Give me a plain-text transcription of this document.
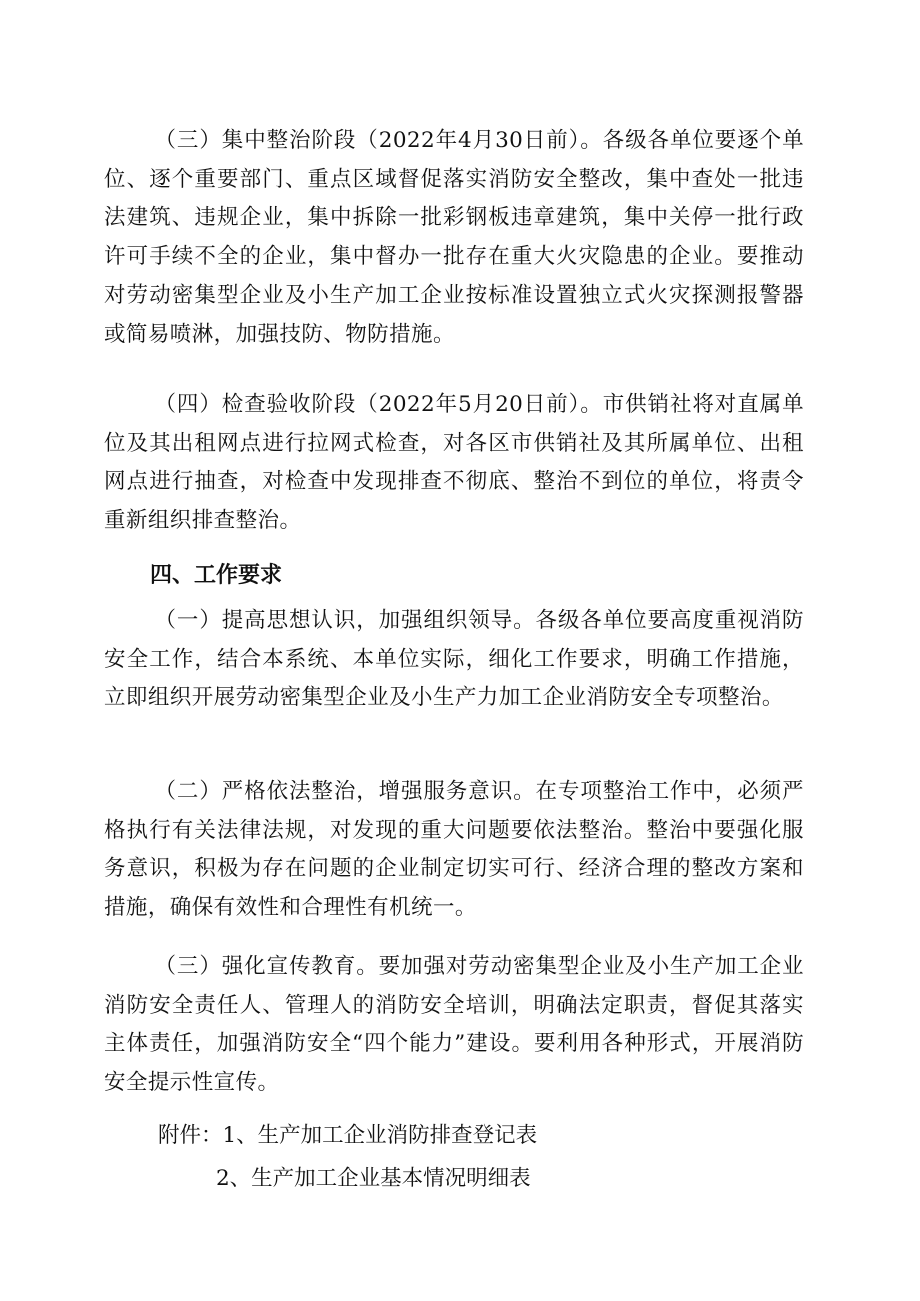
（三）集中整治阶段（2022年4月30日前）。各级各单位要逐个单位、逐个重要部门、重点区域督促落实消防安全整改，集中查处一批违法建筑、违规企业，集中拆除一批彩钢板违章建筑，集中关停一批行政许可手续不全的企业，集中督办一批存在重大火灾隐患的企业。要推动对劳动密集型企业及小生产加工企业按标准设置独立式火灾探测报警器或简易喷淋，加强技防、物防措施。

（四）检查验收阶段（2022年5月20日前）。市供销社将对直属单位及其出租网点进行拉网式检查，对各区市供销社及其所属单位、出租网点进行抽查，对检查中发现排查不彻底、整治不到位的单位，将责令重新组织排查整治。

四、工作要求

（一）提高思想认识，加强组织领导。各级各单位要高度重视消防安全工作，结合本系统、本单位实际，细化工作要求，明确工作措施，立即组织开展劳动密集型企业及小生产力加工企业消防安全专项整治。

（二）严格依法整治，增强服务意识。在专项整治工作中，必须严格执行有关法律法规，对发现的重大问题要依法整治。整治中要强化服务意识，积极为存在问题的企业制定切实可行、经济合理的整改方案和措施，确保有效性和合理性有机统一。

（三）强化宣传教育。要加强对劳动密集型企业及小生产加工企业消防安全责任人、管理人的消防安全培训，明确法定职责，督促其落实主体责任，加强消防安全“四个能力”建设。要利用各种形式，开展消防安全提示性宣传。

附件：1、生产加工企业消防排查登记表

2、生产加工企业基本情况明细表
